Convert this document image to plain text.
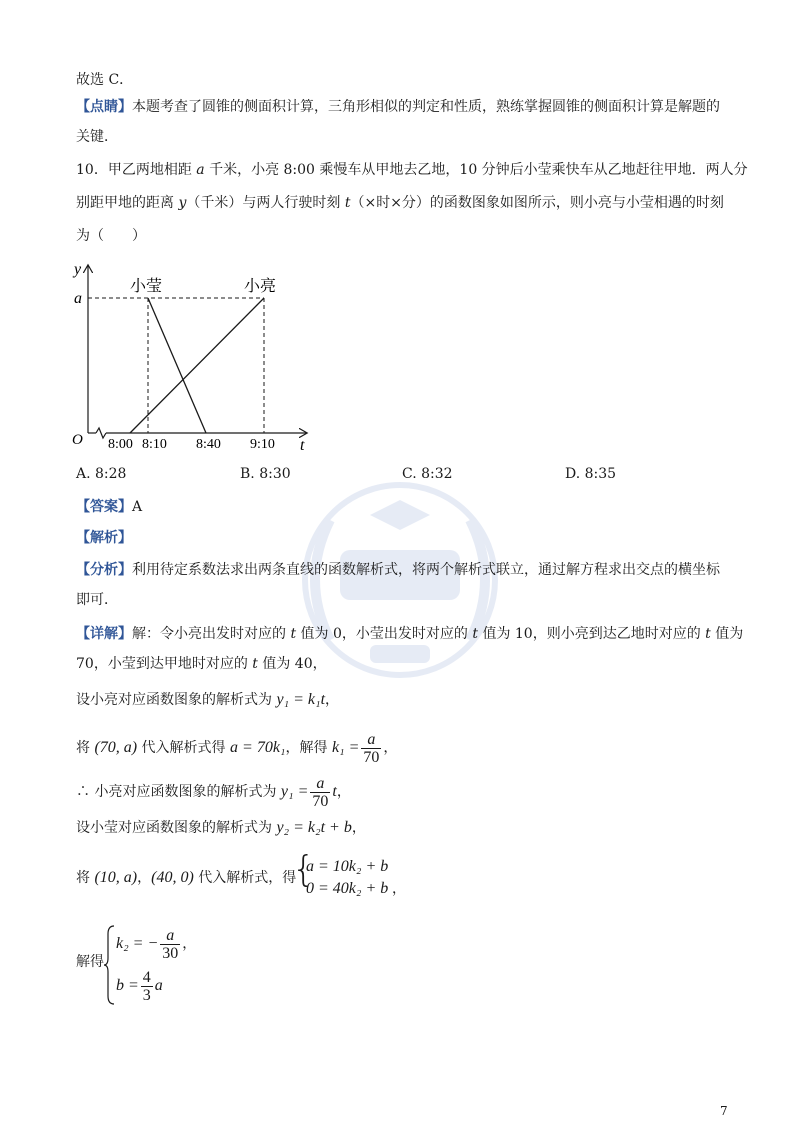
故选 C．
【点睛】本题考查了圆锥的侧面积计算，三角形相似的判定和性质，熟练掌握圆锥的侧面积计算是解题的
关键．
10．甲乙两地相距 a 千米，小亮 8:00 乘慢车从甲地去乙地，10 分钟后小莹乘快车从乙地赶往甲地．两人分
别距甲地的距离 y（千米）与两人行驶时刻 t（×时×分）的函数图象如图所示，则小亮与小莹相遇的时刻
为（　　）
y
t
a
O
小莹	小亮
8:00 8:10 8:40 9:10
A. 8:28	B. 8:30	C. 8:32	D. 8:35
【答案】A
【解析】
【分析】利用待定系数法求出两条直线的函数解析式，将两个解析式联立，通过解方程求出交点的横坐标
即可．
【详解】解：令小亮出发时对应的 t 值为 0，小莹出发时对应的 t 值为 10，则小亮到达乙地时对应的 t 值为
70，小莹到达甲地时对应的 t 值为 40，
设小亮对应函数图象的解析式为 y₁ = k₁t，
将 (70, a) 代入解析式得 a = 70k₁，解得 $k_1 = \frac{a}{70}$ ，
∴ 小亮对应函数图象的解析式为 $y_1 = \frac{a}{70}$ t，
设小莹对应函数图象的解析式为 y₂ = k₂t + b，
将 (10, a)，(40, 0) 代入解析式，得
{
a = 10k₂ + b
0 = 40k₂ + b ，
解得
k₂ = − $\frac{a}{30}$ ，
$b = \frac{4}{3}$ a
7
